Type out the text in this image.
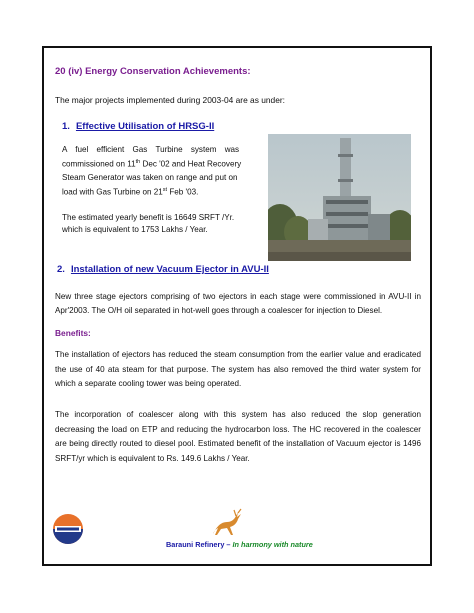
20 (iv) Energy Conservation Achievements:
The major projects implemented during 2003-04 are as under:
1. Effective Utilisation of HRSG-II
A fuel efficient Gas Turbine system was
commissioned on 11th Dec '02 and Heat Recovery
Steam Generator was taken on range and put on
load with Gas Turbine on 21st Feb '03.
The estimated yearly benefit is 16649 SRFT /Yr.
which is equivalent to 1753 Lakhs / Year.
2. Installation of new Vacuum Ejector in AVU-II
New three stage ejectors comprising of two ejectors in each stage were commissioned in AVU-II in Apr'2003. The O/H oil separated in hot-well goes through a coalescer for injection to Diesel.
Benefits:
The installation of ejectors has reduced the steam consumption from the earlier value and eradicated the use of 40 ata steam for that purpose. The system has also removed the third water system for which a separate cooling tower was being operated.
The incorporation of coalescer along with this system has also reduced the slop generation decreasing the load on ETP and reducing the hydrocarbon loss. The HC recovered in the coalescer are being directly routed to diesel pool. Estimated benefit of the installation of Vacuum ejector is 1496 SRFT/yr which is equivalent to Rs. 149.6 Lakhs / Year.
Barauni Refinery – In harmony with nature
